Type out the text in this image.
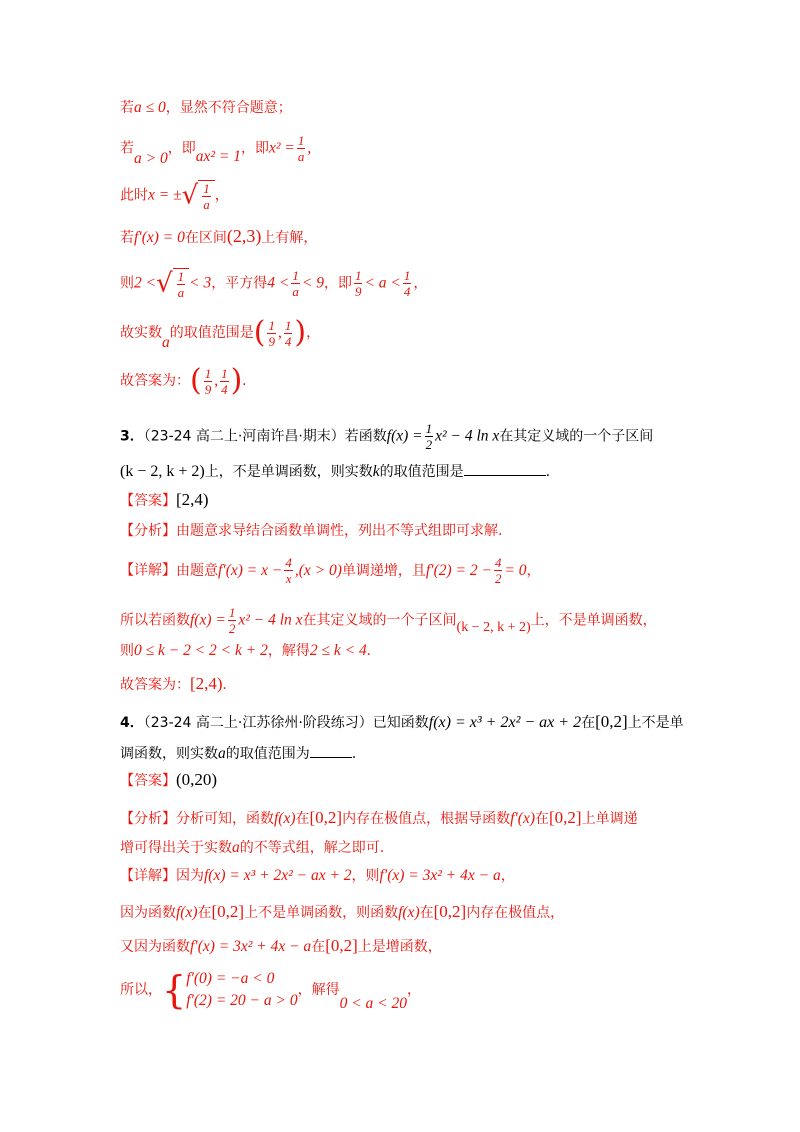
若a ≤ 0，显然不符合题意；
若a > 0，即ax² = 1，即$x^2 = \frac{1}{a}$ ,
此时x = ±√ $\frac{1}{a}$ ，
若f′(x) = 0在区间(2,3)上有解，
则2 <√ $\frac{1}{a} < 3$，平方得$4 < \frac{1}{a} < 9$，即 $\frac{1}{9} < a < \frac{1}{4}$ ，
故实数a的取值范围是( $\frac{1}{9}$ , $\frac{1}{4}$ )，
故答案为：( $\frac{1}{9}$ , $\frac{1}{4}$ ).
3．（23-24 高二上·河南许昌·期末）若函数$f(x) = \frac{1}{2} x^2 - 4$ ln x在其定义域的一个子区间
(k − 2, k + 2)上，不是单调函数，则实数k的取值范围是	.
【答案】[2,4)
【分析】由题意求导结合函数单调性，列出不等式组即可求解.
【详解】由题意$f'(x) = x - \frac{4}{x} ,(x > 0)$单调递增，且$f'(2) = 2 - \frac{4}{2} = 0$，
所以若函数$f(x) = \frac{1}{2} x^2 - 4$ ln x在其定义域的一个子区间(k − 2, k + 2)上，不是单调函数，
则0 ≤ k − 2 < 2 < k + 2，解得2 ≤ k < 4.
故答案为：[2,4).
4．（23-24 高二上·江苏徐州·阶段练习）已知函数f(x) = x³ + 2x² − ax + 2在[0,2]上不是单
调函数，则实数a的取值范围为	.
【答案】(0,20)
【分析】分析可知，函数f(x)在[0,2]内存在极值点，根据导函数f′(x)在[0,2]上单调递
增可得出关于实数a的不等式组，解之即可.
【详解】因为f(x) = x³ + 2x² − ax + 2，则f′(x) = 3x² + 4x − a，
因为函数f(x)在[0,2]上不是单调函数，则函数f(x)在[0,2]内存在极值点，
又因为函数f′(x) = 3x² + 4x − a在[0,2]上是增函数，
所以，{ f′(0) = −a < 0
f′(2) = 20 − a > 0
，解得0 < a < 20，
